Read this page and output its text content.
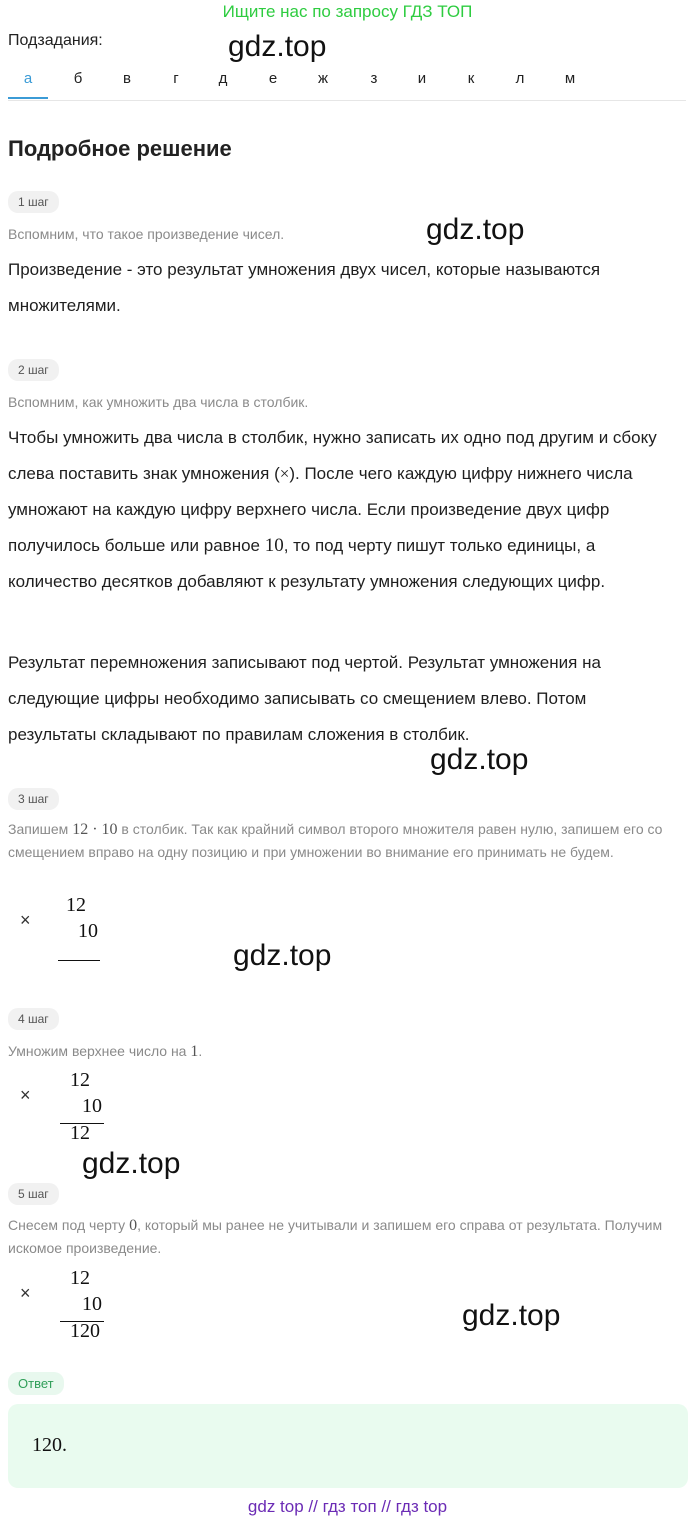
Ищите нас по запросу ГДЗ ТОП
Подзадания:	gdz.top
а	б	в	г	д	е	ж	з	и	к	л	м
Подробное решение
1 шаг
Вспомним, что такое произведение чисел.	gdz.top
Произведение - это результат умножения двух чисел, которые называются множителями.
2 шаг
Вспомним, как умножить два числа в столбик.
Чтобы умножить два числа в столбик, нужно записать их одно под другим и сбоку слева поставить знак умножения (×). После чего каждую цифру нижнего числа умножают на каждую цифру верхнего числа. Если произведение двух цифр получилось больше или равное 10, то под черту пишут только единицы, а количество десятков добавляют к результату умножения следующих цифр.
Результат перемножения записывают под чертой. Результат умножения на следующие цифры необходимо записывать со смещением влево. Потом результаты складывают по правилам сложения в столбик.
gdz.top
3 шаг
Запишем 12 · 10 в столбик. Так как крайний символ второго множителя равен нулю, запишем его со смещением вправо на одну позицию и при умножении во внимание его принимать не будем.
×
12
10
gdz.top
4 шаг
Умножим верхнее число на 1.
×
12
10
12
gdz.top
5 шаг
Снесем под черту 0, который мы ранее не учитывали и запишем его справа от результата. Получим искомое произведение.
×
12
10
120	gdz.top
Ответ
120.
gdz top // гдз топ // гдз top
